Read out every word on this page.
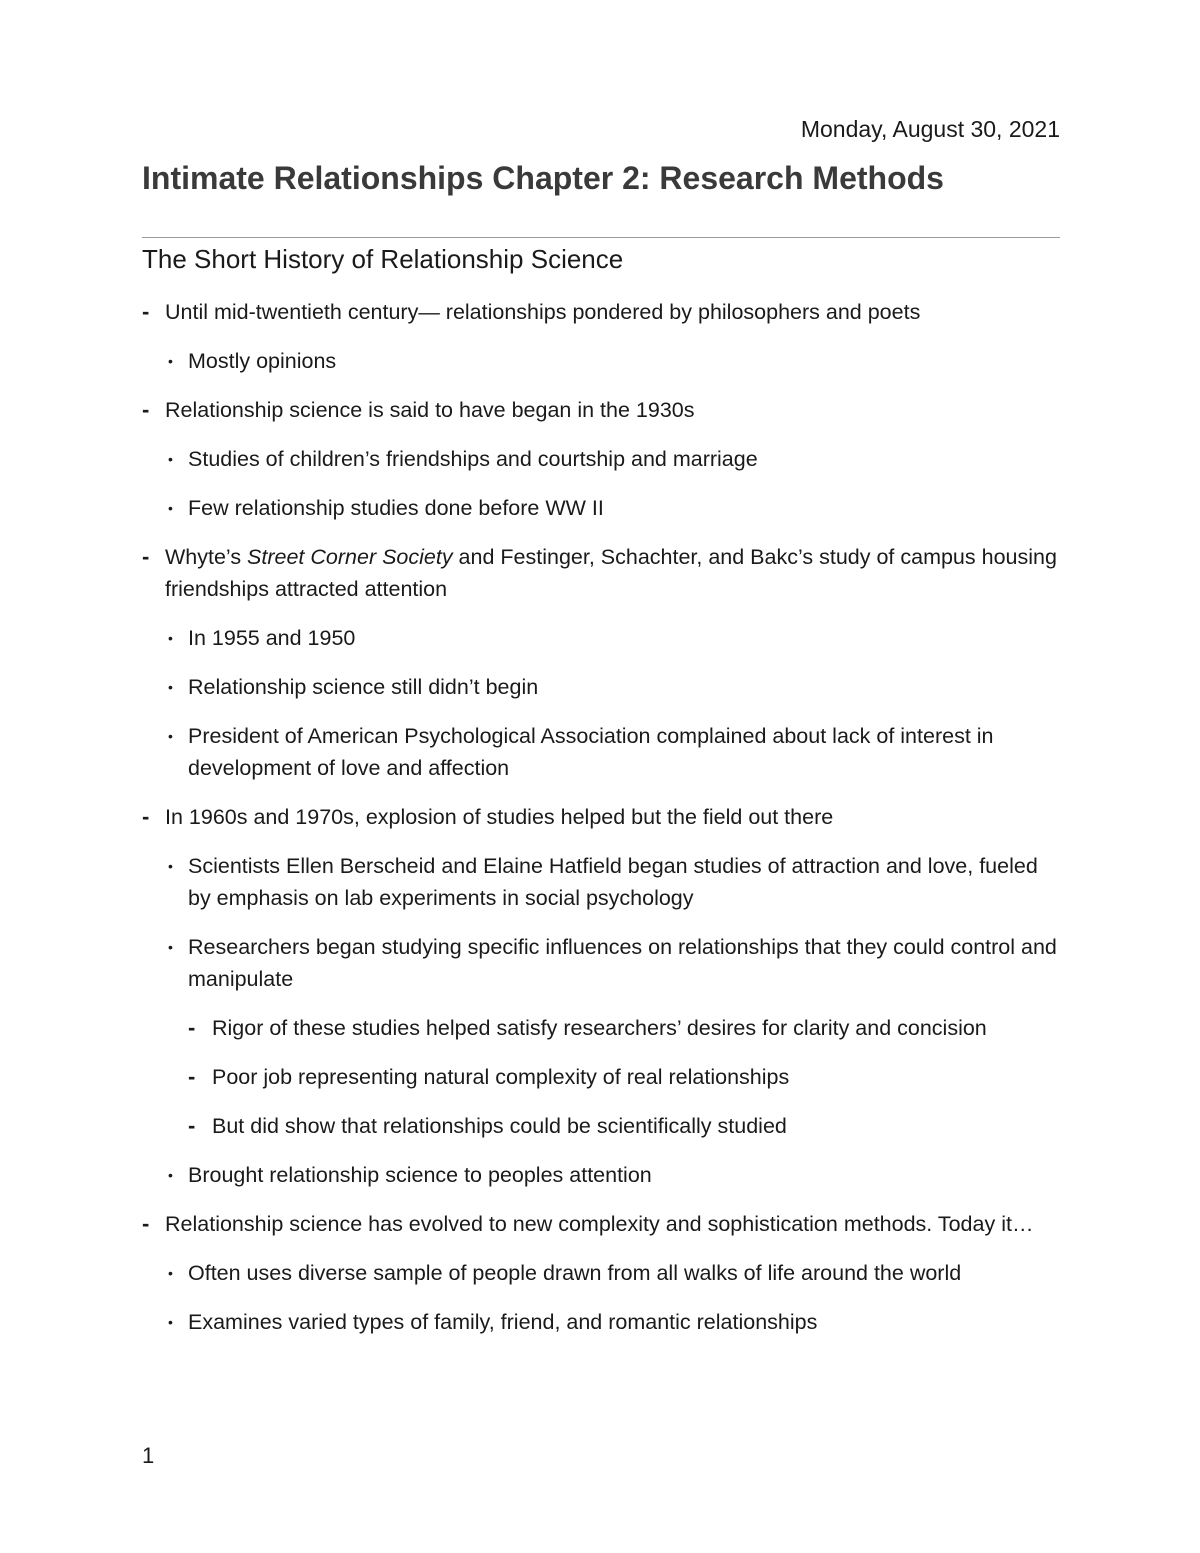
Monday, August 30, 2021
Intimate Relationships Chapter 2: Research Methods
The Short History of Relationship Science
- Until mid-twentieth century— relationships pondered by philosophers and poets
• Mostly opinions
- Relationship science is said to have began in the 1930s
• Studies of children’s friendships and courtship and marriage
• Few relationship studies done before WW II
- Whyte’s Street Corner Society and Festinger, Schachter, and Bakc’s study of campus housing friendships attracted attention
• In 1955 and 1950
• Relationship science still didn’t begin
• President of American Psychological Association complained about lack of interest in development of love and affection
- In 1960s and 1970s, explosion of studies helped but the field out there
• Scientists Ellen Berscheid and Elaine Hatfield began studies of attraction and love, fueled by emphasis on lab experiments in social psychology
• Researchers began studying specific influences on relationships that they could control and manipulate
- Rigor of these studies helped satisfy researchers’ desires for clarity and concision
- Poor job representing natural complexity of real relationships
- But did show that relationships could be scientifically studied
• Brought relationship science to peoples attention
- Relationship science has evolved to new complexity and sophistication methods. Today it…
• Often uses diverse sample of people drawn from all walks of life around the world
• Examines varied types of family, friend, and romantic relationships
1
